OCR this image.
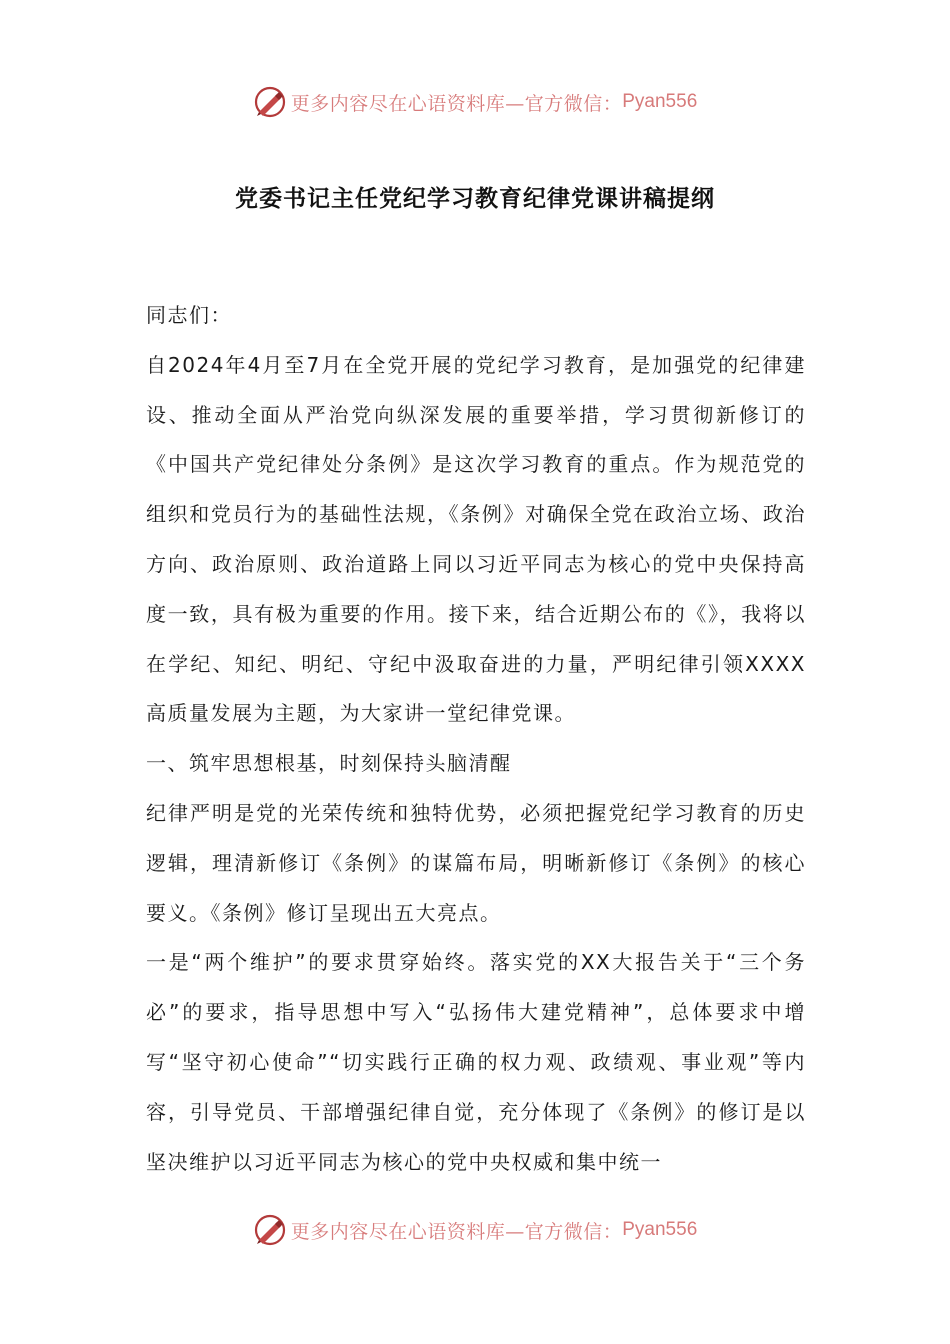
更多内容尽在心语资料库—官方微信： Pyan556
党委书记主任党纪学习教育纪律党课讲稿提纲

同志们：

自2024年4月至7月在全党开展的党纪学习教育，是加强党的纪律建设、推动全面从严治党向纵深发展的重要举措，学习贯彻新修订的《中国共产党纪律处分条例》是这次学习教育的重点。作为规范党的组织和党员行为的基础性法规，《条例》对确保全党在政治立场、政治方向、政治原则、政治道路上同以习近平同志为核心的党中央保持高度一致，具有极为重要的作用。接下来，结合近期公布的《》，我将以在学纪、知纪、明纪、守纪中汲取奋进的力量，严明纪律引领XXXX高质量发展为主题，为大家讲一堂纪律党课。

一、筑牢思想根基，时刻保持头脑清醒

纪律严明是党的光荣传统和独特优势，必须把握党纪学习教育的历史逻辑，理清新修订《条例》的谋篇布局，明晰新修订《条例》的核心要义。《条例》修订呈现出五大亮点。

一是“两个维护”的要求贯穿始终。落实党的XX大报告关于“三个务必”的要求，指导思想中写入“弘扬伟大建党精神”，总体要求中增写“坚守初心使命”“切实践行正确的权力观、政绩观、事业观”等内容，引导党员、干部增强纪律自觉，充分体现了《条例》的修订是以坚决维护以习近平同志为核心的党中央权威和集中统一

更多内容尽在心语资料库—官方微信： Pyan556
